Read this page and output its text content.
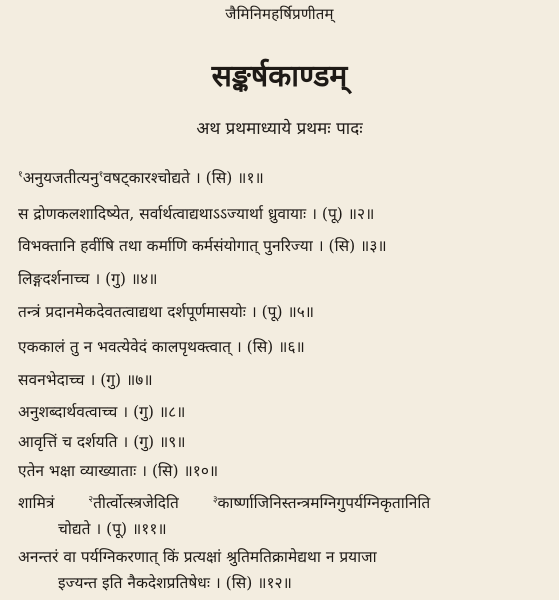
जैमिनिमहर्षिप्रणीतम्
सङ्कर्षकाण्डम्
अथ प्रथमाध्याये प्रथमः पादः
$^१$अनुयजतीत्यनु$^१$वषट्कारश्चोद्यते । (सि) ॥१॥
स द्रोणकलशादिष्येत, सर्वार्थत्वाद्यथाऽऽज्यार्था ध्रुवायाः । (पू) ॥२॥
विभक्तानि हवींषि तथा कर्माणि कर्मसंयोगात् पुनरिज्या । (सि) ॥३॥
लिङ्गदर्शनाच्च । (गु) ॥४॥
तन्त्रं प्रदानमेकदेवतत्वाद्यथा दर्शपूर्णमासयोः । (पू) ॥५॥
एककालं तु न भवत्येवेदं कालपृथक्त्वात् । (सि) ॥६॥
सवनभेदाच्च । (गु) ॥७॥
अनुशब्दार्थवत्वाच्च । (गु) ॥८॥
आवृत्तिं च दर्शयति । (गु) ॥९॥
एतेन भक्षा व्याख्याताः । (सि) ॥१०॥
शामित्रं	$^२$तीर्त्वोत्स्त्रजेदिति	$^३$कार्ष्णाजिनिस्तन्त्रमग्निगुपर्यग्निकृतानिति
चोद्यते । (पू) ॥११॥
अनन्तरं वा पर्यग्निकरणात् किं प्रत्यक्षां श्रुतिमतिक्रामेद्यथा न प्रयाजा
इज्यन्त इति नैकदेशप्रतिषेधः । (सि) ॥१२॥
